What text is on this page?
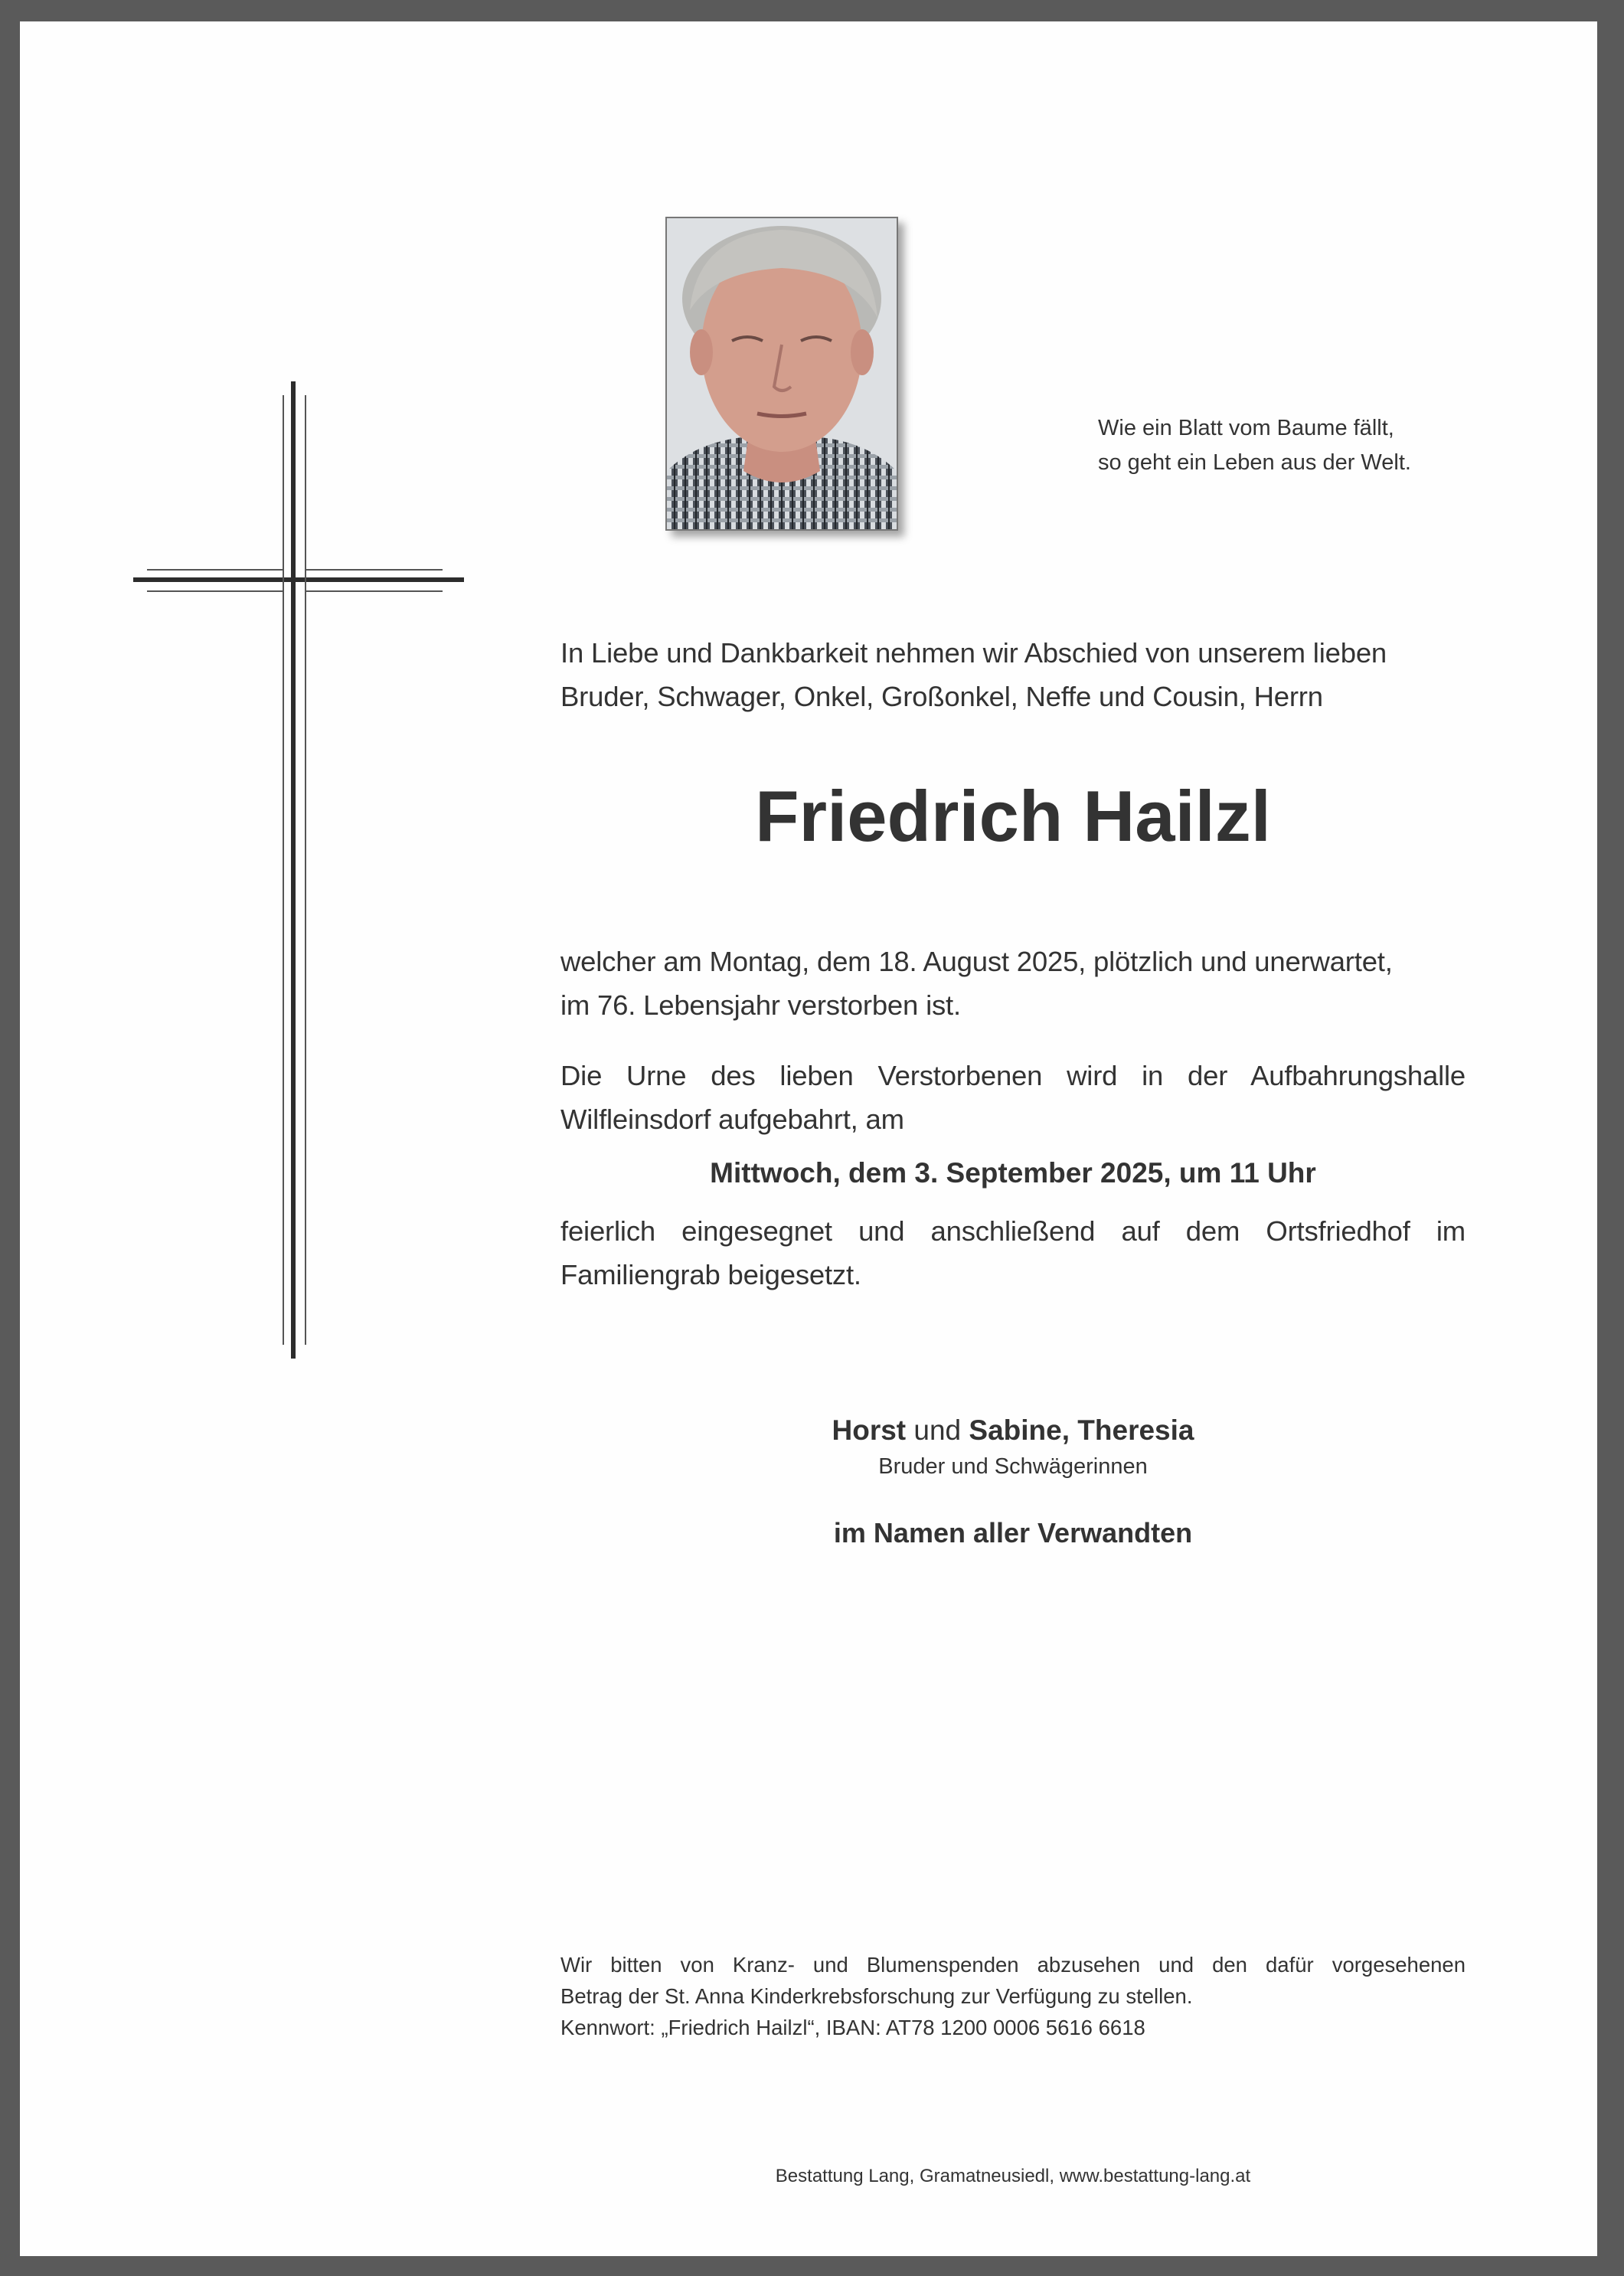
Wie ein Blatt vom Baume fällt,
so geht ein Leben aus der Welt.
In Liebe und Dankbarkeit nehmen wir Abschied von unserem lieben
Bruder, Schwager, Onkel, Großonkel, Neffe und Cousin, Herrn
Friedrich Hailzl
welcher am Montag, dem 18. August 2025, plötzlich und unerwartet,
im 76. Lebensjahr verstorben ist.
Die Urne des lieben Verstorbenen wird in der Aufbahrungshalle
Wilfleinsdorf aufgebahrt, am
Mittwoch, dem 3. September 2025, um 11 Uhr
feierlich eingesegnet und anschließend auf dem Ortsfriedhof im
Familiengrab beigesetzt.
Horst und Sabine, Theresia
Bruder und Schwägerinnen
im Namen aller Verwandten
Wir bitten von Kranz- und Blumenspenden abzusehen und den dafür vorgesehenen
Betrag der St. Anna Kinderkrebsforschung zur Verfügung zu stellen.
Kennwort: „Friedrich Hailzl“, IBAN: AT78 1200 0006 5616 6618
Bestattung Lang, Gramatneusiedl, www.bestattung-lang.at
